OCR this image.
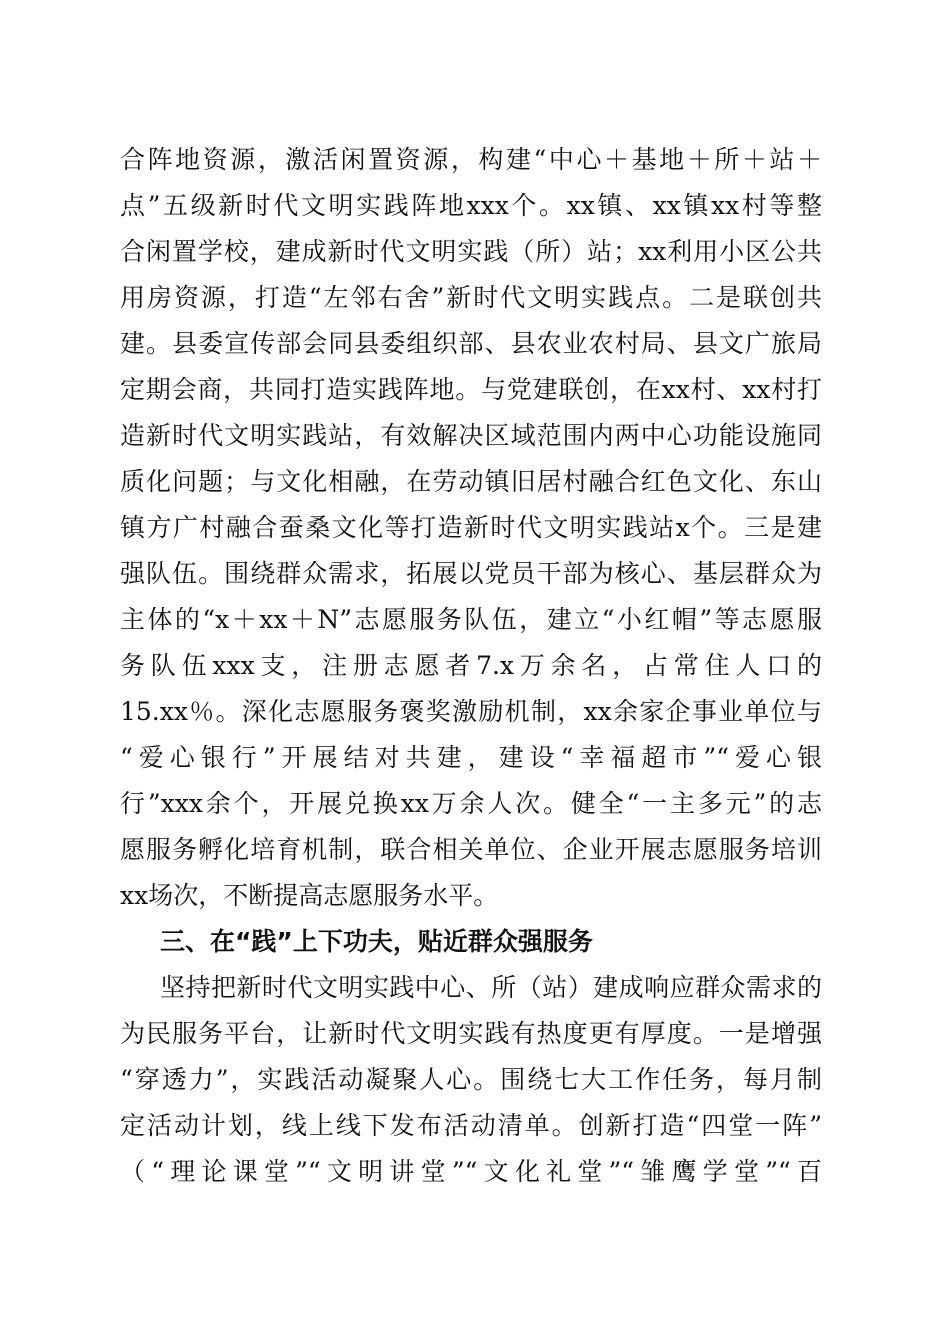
合阵地资源，激活闲置资源，构建“中心＋基地＋所＋站＋
点”五级新时代文明实践阵地xxx个。xx镇、xx镇xx村等整
合闲置学校，建成新时代文明实践（所）站；xx利用小区公共
用房资源，打造“左邻右舍”新时代文明实践点。二是联创共
建。县委宣传部会同县委组织部、县农业农村局、县文广旅局
定期会商，共同打造实践阵地。与党建联创，在xx村、xx村打
造新时代文明实践站，有效解决区域范围内两中心功能设施同
质化问题；与文化相融，在劳动镇旧居村融合红色文化、东山
镇方广村融合蚕桑文化等打造新时代文明实践站x个。三是建
强队伍。围绕群众需求，拓展以党员干部为核心、基层群众为
主体的“x＋xx＋N”志愿服务队伍，建立“小红帽”等志愿服
务队伍xxx支，注册志愿者7.x万余名，占常住人口的
15.xx％。深化志愿服务褒奖激励机制，xx余家企事业单位与
“爱心银行”开展结对共建，建设“幸福超市”“爱心银
行”xxx余个，开展兑换xx万余人次。健全“一主多元”的志
愿服务孵化培育机制，联合相关单位、企业开展志愿服务培训
xx场次，不断提高志愿服务水平。
三、在“践”上下功夫，贴近群众强服务
坚持把新时代文明实践中心、所（站）建成响应群众需求的
为民服务平台，让新时代文明实践有热度更有厚度。一是增强
“穿透力”，实践活动凝聚人心。围绕七大工作任务，每月制
定活动计划，线上线下发布活动清单。创新打造“四堂一阵”
（“理论课堂”“文明讲堂”“文化礼堂”“雏鹰学堂”“百
